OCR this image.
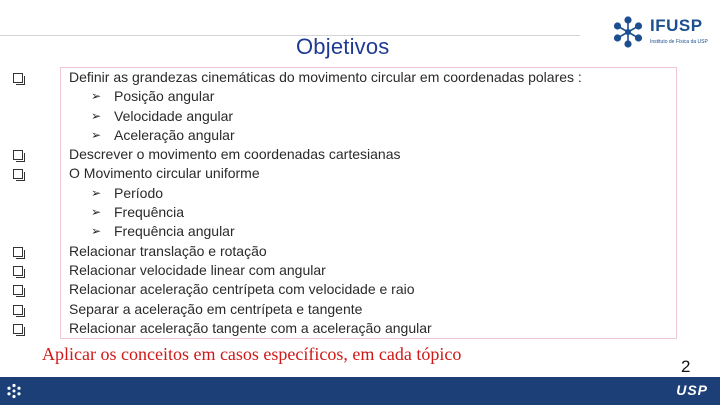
Objetivos
IFUSP
Instituto de Física da USP
Definir as grandezas cinemáticas do movimento circular em coordenadas polares :
➢ Posição angular
➢ Velocidade angular
➢ Aceleração angular
Descrever o movimento em coordenadas cartesianas
O Movimento circular uniforme
➢ Período
➢ Frequência
➢ Frequência angular
Relacionar translação e rotação
Relacionar velocidade linear com angular
Relacionar aceleração centrípeta com velocidade e raio
Separar a aceleração em centrípeta e tangente
Relacionar aceleração tangente com a aceleração angular
Aplicar os conceitos em casos específicos, em cada tópico
2
USP
